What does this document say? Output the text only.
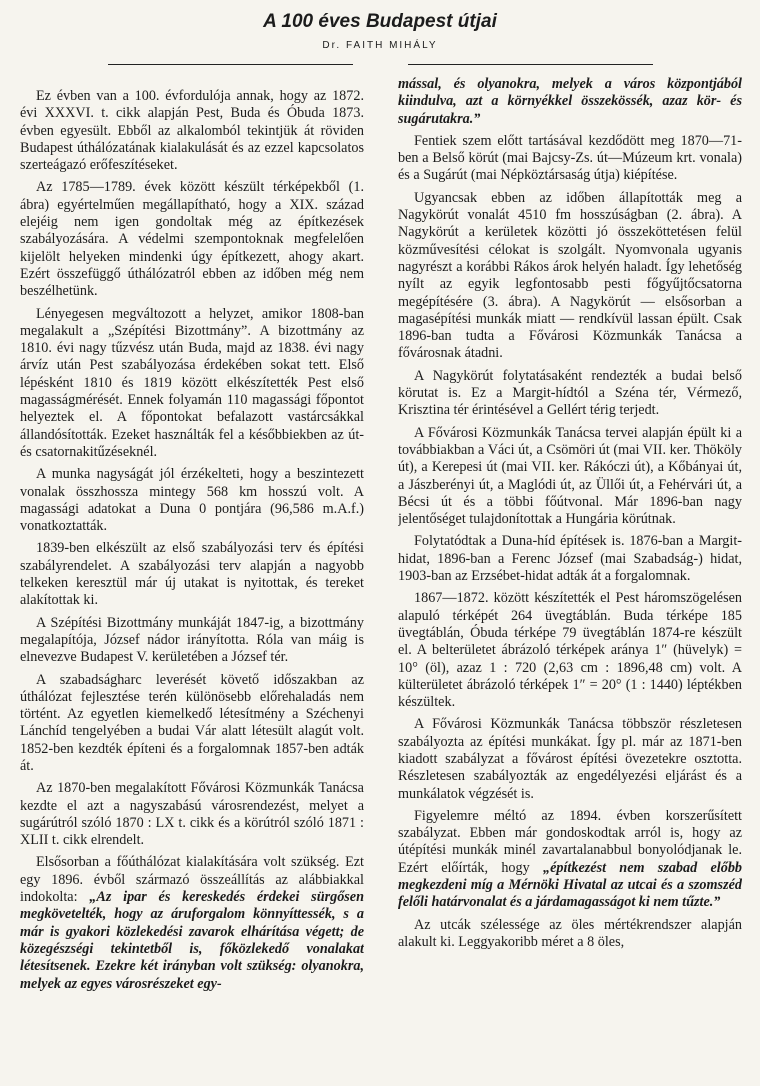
A 100 éves Budapest útjai
Dr. FAITH MIHÁLY

Ez évben van a 100. évfordulója annak, hogy az 1872. évi XXXVI. t. cikk alapján Pest, Buda és Óbuda 1873. évben egyesült. Ebből az alkalomból tekintjük át röviden Budapest úthálózatának kialakulását és az ezzel kapcsolatos szerteágazó erőfeszítéseket.

Az 1785—1789. évek között készült térképekből (1. ábra) egyértelműen megállapítható, hogy a XIX. század elejéig nem igen gondoltak még az építkezések szabályozására. A védelmi szempontoknak megfelelően kijelölt helyeken mindenki úgy építkezett, ahogy akart. Ezért összefüggő úthálózatról ebben az időben még nem beszélhetünk.

Lényegesen megváltozott a helyzet, amikor 1808-ban megalakult a „Szépítési Bizottmány”. A bizottmány az 1810. évi nagy tűzvész után Buda, majd az 1838. évi nagy árvíz után Pest szabályozása érdekében sokat tett. Első lépésként 1810 és 1819 között elkészítették Pest első magasságmérését. Ennek folyamán 110 magassági főpontot helyeztek el. A főpontokat befalazott vastárcsákkal állandósították. Ezeket használták fel a későbbiekben az út- és csatornakitűzéseknél.

A munka nagyságát jól érzékelteti, hogy a beszintezett vonalak összhossza mintegy 568 km hosszú volt. A magassági adatokat a Duna 0 pontjára (96,586 m.A.f.) vonatkoztatták.

1839-ben elkészült az első szabályozási terv és építési szabályrendelet. A szabályozási terv alapján a nagyobb telkeken keresztül már új utakat is nyitottak, és tereket alakítottak ki.

A Szépítési Bizottmány munkáját 1847-ig, a bizottmány megalapítója, József nádor irányította. Róla van máig is elnevezve Budapest V. kerületében a József tér.

A szabadságharc leverését követő időszakban az úthálózat fejlesztése terén különösebb előrehaladás nem történt. Az egyetlen kiemelkedő létesítmény a Széchenyi Lánchíd tengelyében a budai Vár alatt létesült alagút volt. 1852-ben kezdték építeni és a forgalomnak 1857-ben adták át.

Az 1870-ben megalakított Fővárosi Közmunkák Tanácsa kezdte el azt a nagyszabású városrendezést, melyet a sugárútról szóló 1870 : LX t. cikk és a körútról szóló 1871 : XLII t. cikk elrendelt.

Elsősorban a főúthálózat kialakítására volt szükség. Ezt egy 1896. évből származó összeállítás az alábbiakkal indokolta: „Az ipar és kereskedés érdekei sürgősen megkövetelték, hogy az áruforgalom könnyíttessék, s a már is gyakori közlekedési zavarok elhárítása végett; de közegészségi tekintetből is, főközlekedő vonalakat létesítsenek. Ezekre két irányban volt szükség: olyanokra, melyek az egyes városrészeket egy-

mással, és olyanokra, melyek a város központjából kiindulva, azt a környékkel összekössék, azaz kör- és sugárutakra.”

Fentiek szem előtt tartásával kezdődött meg 1870—71-ben a Belső körút (mai Bajcsy-Zs. út—Múzeum krt. vonala) és a Sugárút (mai Népköztársaság útja) kiépítése.

Ugyancsak ebben az időben állapították meg a Nagykörút vonalát 4510 fm hosszúságban (2. ábra). A Nagykörút a kerületek közötti jó összeköttetésen felül közművesítési célokat is szolgált. Nyomvonala ugyanis nagyrészt a korábbi Rákos árok helyén haladt. Így lehetőség nyílt az egyik legfontosabb pesti főgyűjtőcsatorna megépítésére (3. ábra). A Nagykörút — elsősorban a magasépítési munkák miatt — rendkívül lassan épült. Csak 1896-ban tudta a Fővárosi Közmunkák Tanácsa a fővárosnak átadni.

A Nagykörút folytatásaként rendezték a budai belső körutat is. Ez a Margit-hídtól a Széna tér, Vérmező, Krisztina tér érintésével a Gellért térig terjedt.

A Fővárosi Közmunkák Tanácsa tervei alapján épült ki a továbbiakban a Váci út, a Csömöri út (mai VII. ker. Thököly út), a Kerepesi út (mai VII. ker. Rákóczi út), a Kőbányai út, a Jászberényi út, a Maglódi út, az Üllői út, a Fehérvári út, a Bécsi út és a többi főútvonal. Már 1896-ban nagy jelentőséget tulajdonítottak a Hungária körútnak.

Folytatódtak a Duna-híd építések is. 1876-ban a Margit-hidat, 1896-ban a Ferenc József (mai Szabadság-) hidat, 1903-ban az Erzsébet-hidat adták át a forgalomnak.

1867—1872. között készítették el Pest háromszögelésen alapuló térképét 264 üvegtáblán. Buda térképe 185 üvegtáblán, Óbuda térképe 79 üvegtáblán 1874-re készült el. A belterületet ábrázoló térképek aránya 1″ (hüvelyk) = 10° (öl), azaz 1 : 720 (2,63 cm : 1896,48 cm) volt. A külterületet ábrázoló térképek 1″ = 20° (1 : 1440) léptékben készültek.

A Fővárosi Közmunkák Tanácsa többször részletesen szabályozta az építési munkákat. Így pl. már az 1871-ben kiadott szabályzat a fővárost építési övezetekre osztotta. Részletesen szabályozták az engedélyezési eljárást és a munkálatok végzését is.

Figyelemre méltó az 1894. évben korszerűsített szabályzat. Ebben már gondoskodtak arról is, hogy az útépítési munkák minél zavartalanabbul bonyolódjanak le. Ezért előírták, hogy „építkezést nem szabad előbb megkezdeni míg a Mérnöki Hivatal az utcai és a szomszéd felőli határvonalat és a járdamagasságot ki nem tűzte.”

Az utcák szélessége az öles mértékrendszer alapján alakult ki. Leggyakoribb méret a 8 öles,
